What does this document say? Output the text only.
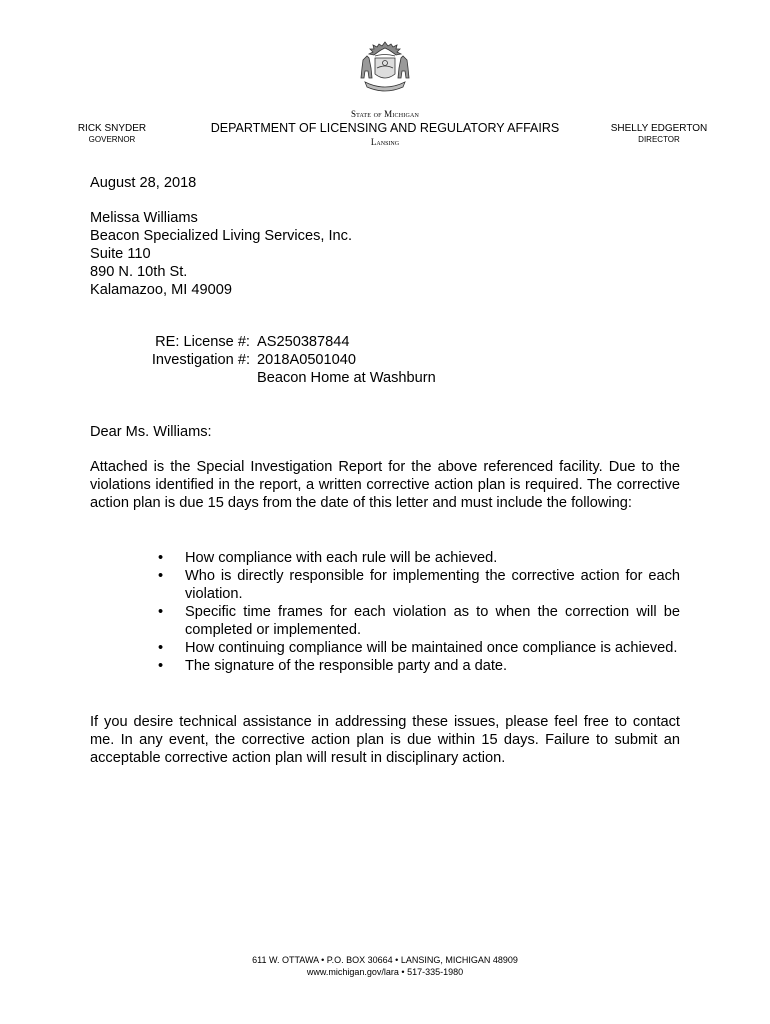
RICK SNYDER
GOVERNOR
State of Michigan
DEPARTMENT OF LICENSING AND REGULATORY AFFAIRS
Lansing
SHELLY EDGERTON
DIRECTOR
August 28, 2018
Melissa Williams
Beacon Specialized Living Services, Inc.
Suite 110
890 N. 10th St.
Kalamazoo, MI 49009
RE: License #: AS250387844
Investigation #: 2018A0501040
Beacon Home at Washburn
Dear Ms. Williams:
Attached is the Special Investigation Report for the above referenced facility. Due to the violations identified in the report, a written corrective action plan is required. The corrective action plan is due 15 days from the date of this letter and must include the following:
• How compliance with each rule will be achieved.
• Who is directly responsible for implementing the corrective action for each violation.
• Specific time frames for each violation as to when the correction will be completed or implemented.
• How continuing compliance will be maintained once compliance is achieved.
• The signature of the responsible party and a date.
If you desire technical assistance in addressing these issues, please feel free to contact me. In any event, the corrective action plan is due within 15 days. Failure to submit an acceptable corrective action plan will result in disciplinary action.
611 W. OTTAWA • P.O. BOX 30664 • LANSING, MICHIGAN 48909
www.michigan.gov/lara • 517-335-1980
